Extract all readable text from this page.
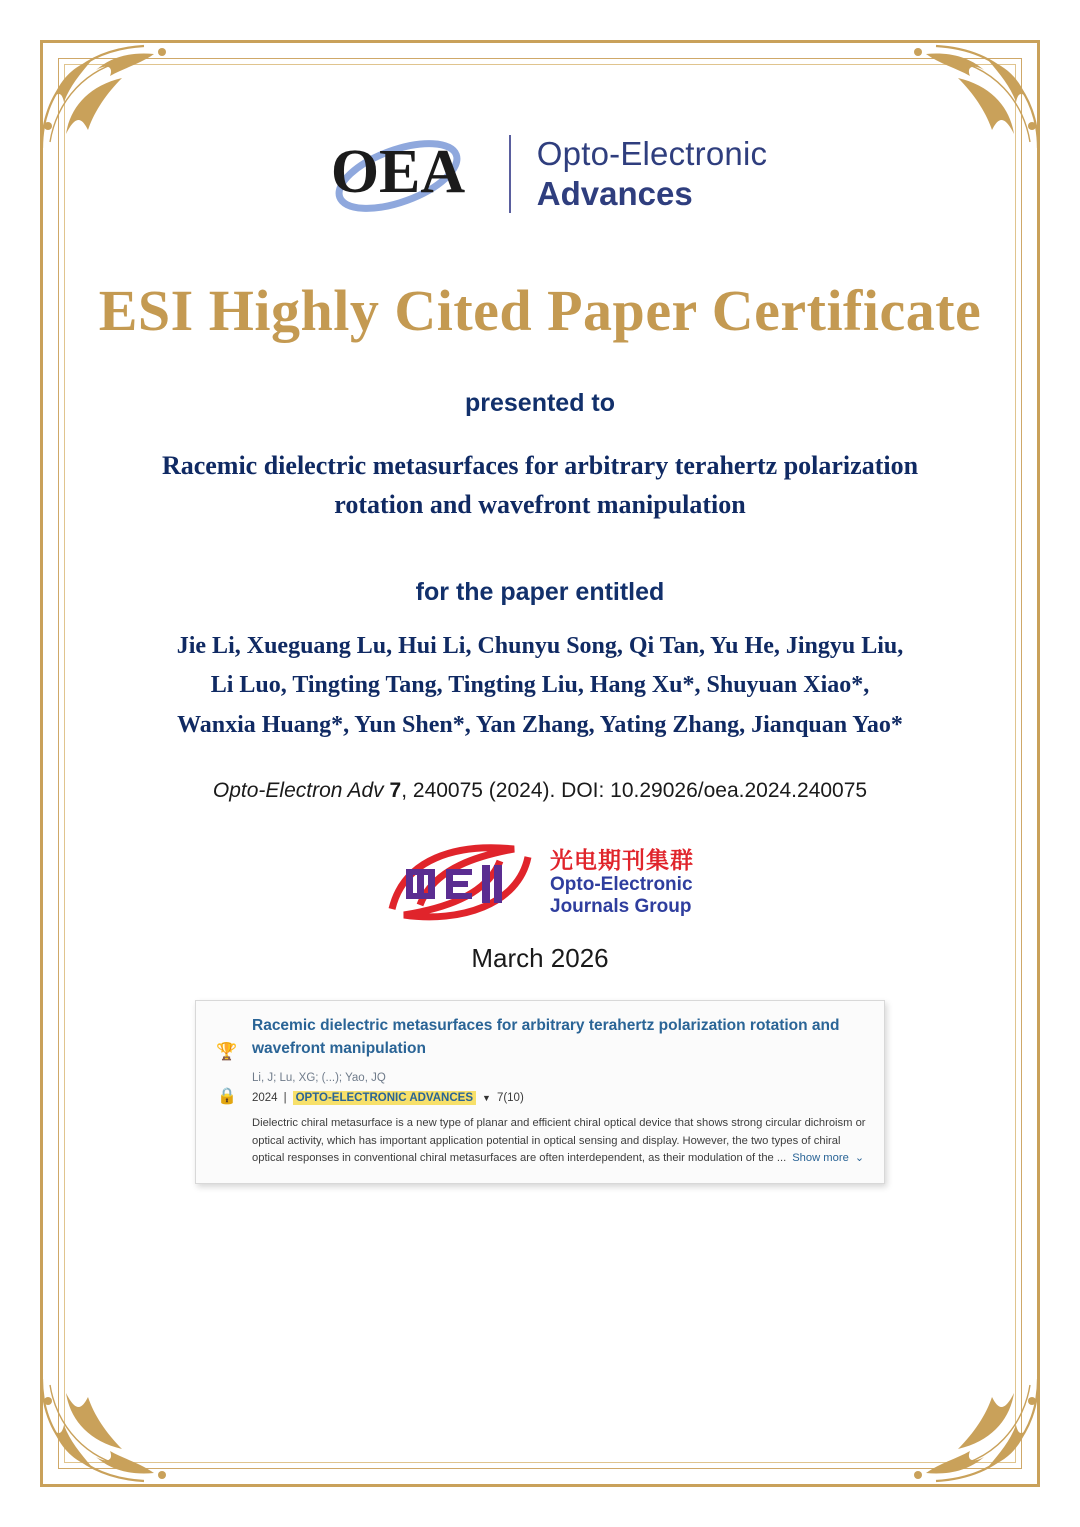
OEA Opto-Electronic
Advances
ESI Highly Cited Paper Certificate
presented to
Racemic dielectric metasurfaces for arbitrary terahertz polarization rotation and wavefront manipulation
for the paper entitled
Jie Li, Xueguang Lu, Hui Li, Chunyu Song, Qi Tan, Yu He, Jingyu Liu,
Li Luo, Tingting Tang, Tingting Liu, Hang Xu*, Shuyuan Xiao*,
Wanxia Huang*, Yun Shen*, Yan Zhang, Yating Zhang, Jianquan Yao*
Opto-Electron Adv 7, 240075 (2024). DOI: 10.29026/oea.2024.240075
光电期刊集群
Opto-Electronic
Journals Group
March 2026
🏆
🔒
Racemic dielectric metasurfaces for arbitrary terahertz polarization rotation and wavefront manipulation
Li, J; Lu, XG; (...); Yao, JQ
2024 | OPTO-ELECTRONIC ADVANCES	▼ 7(10)
Dielectric chiral metasurface is a new type of planar and efficient chiral optical device that shows strong circular dichroism or optical activity, which has important application potential in optical sensing and display. However, the two types of chiral optical responses in conventional chiral metasurfaces are often interdependent, as their modulation of the ... Show more ⌄
